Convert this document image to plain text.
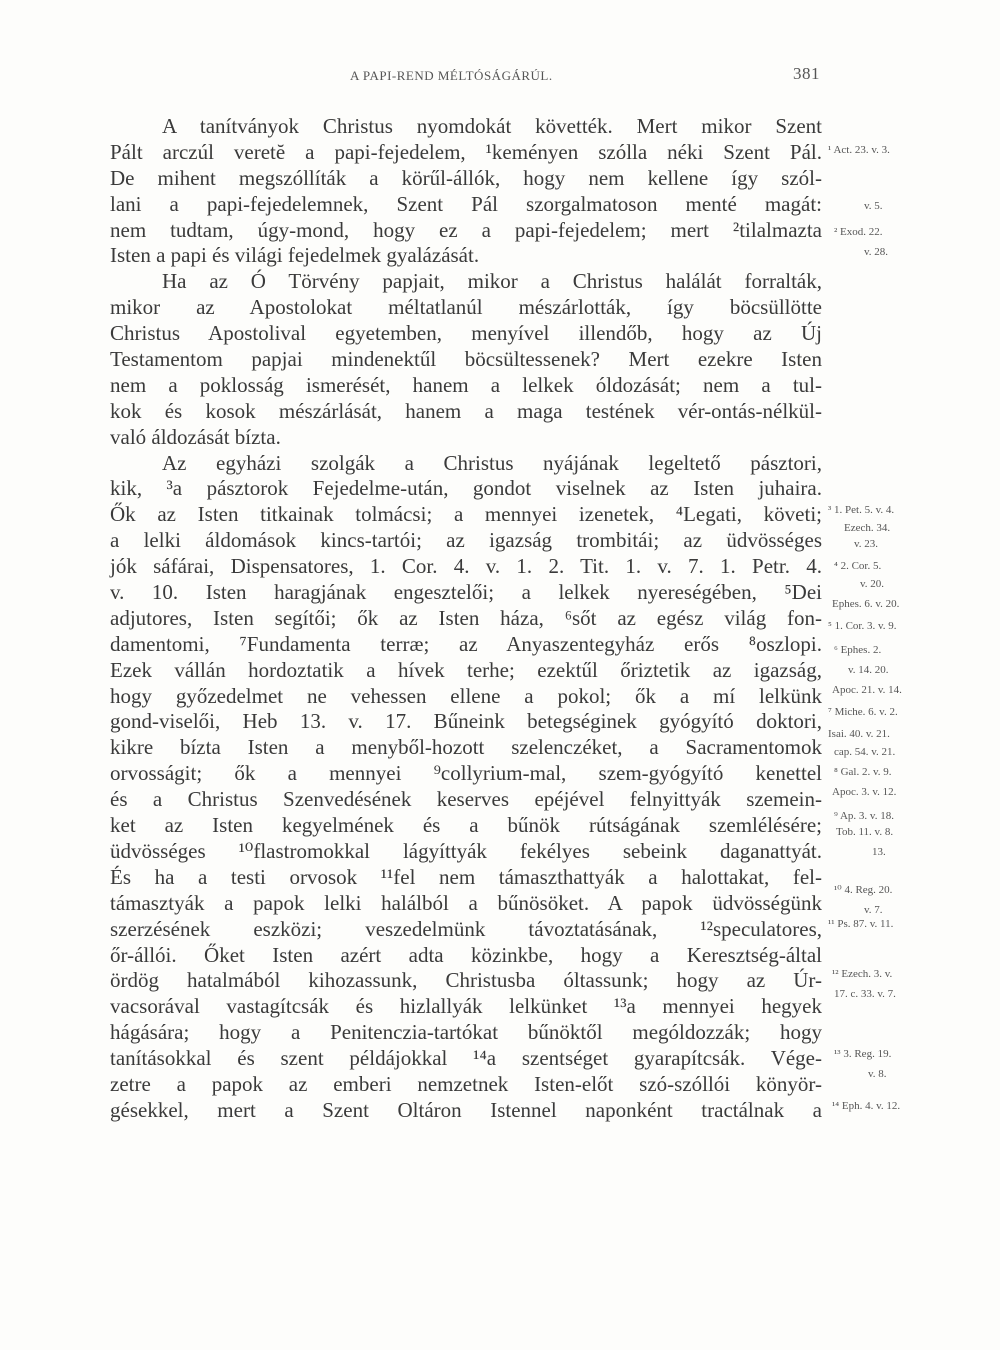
A PAPI-REND MÉLTÓSÁGÁRÚL.	381
A tanítványok Christus nyomdokát követték. Mert mikor Szent
Pált arczúl veretĕ a papi-fejedelem, ¹keményen szólla néki Szent Pál.
De mihent megszóllíták a körűl-állók, hogy nem kellene így szól-
lani a papi-fejedelemnek, Szent Pál szorgalmatoson menté magát:
nem tudtam, úgy-mond, hogy ez a papi-fejedelem; mert ²tilalmazta
Isten a papi és világi fejedelmek gyalázását.
Ha az Ó Törvény papjait, mikor a Christus halálát forralták,
mikor az Apostolokat méltatlanúl mészárlották, így böcsüllötte
Christus Apostolival egyetemben, menyível illendőb, hogy az Új
Testamentom papjai mindenektűl böcsültessenek? Mert ezekre Isten
nem a poklosság ismerését, hanem a lelkek óldozását; nem a tul-
kok és kosok mészárlását, hanem a maga testének vér-ontás-nélkül-
való áldozását bízta.
Az egyházi szolgák a Christus nyájának legeltető pásztori,
kik, ³a pásztorok Fejedelme-után, gondot viselnek az Isten juhaira.
Ők az Isten titkainak tolmácsi; a mennyei izenetek, ⁴Legati, követi;
a lelki áldomások kincs-tartói; az igazság trombitái; az üdvösséges
jók sáfárai, Dispensatores, 1. Cor. 4. v. 1. 2. Tit. 1. v. 7. 1. Petr. 4.
v. 10. Isten haragjának engesztelői; a lelkek nyereségében, ⁵Dei
adjutores, Isten segítői; ők az Isten háza, ⁶sőt az egész világ fon-
damentomi, ⁷Fundamenta terræ; az Anyaszentegyház erős ⁸oszlopi.
Ezek vállán hordoztatik a hívek terhe; ezektűl őriztetik az igazság,
hogy győzedelmet ne vehessen ellene a pokol; ők a mí lelkünk
gond-viselői, Heb 13. v. 17. Bűneink betegséginek gyógyító doktori,
kikre bízta Isten a menyből-hozott szelenczéket, a Sacramentomok
orvosságit; ők a mennyei ⁹collyrium-mal, szem-gyógyító kenettel
és a Christus Szenvedésének keserves epéjével felnyittyák szemein-
ket az Isten kegyelmének és a bűnök rútságának szemlélésére;
üdvösséges ¹⁰flastromokkal lágyíttyák fekélyes sebeink daganattyát.
És ha a testi orvosok ¹¹fel nem támaszthattyák a halottakat, fel-
támasztyák a papok lelki halálból a bűnösöket. A papok üdvösségünk
szerzésének eszközi; veszedelmünk távoztatásának, ¹²speculatores,
őr-állói. Őket Isten azért adta közinkbe, hogy a Keresztség-által
ördög hatalmából kihozassunk, Christusba óltassunk; hogy az Úr-
vacsorával vastagítcsák és hizlallyák lelkünket ¹³a mennyei hegyek
hágására; hogy a Penitenczia-tartókat bűnöktől mególdozzák; hogy
tanításokkal és szent példájokkal ¹⁴a szentséget gyarapítcsák. Vége-
zetre a papok az emberi nemzetnek Isten-előt szó-szóllói könyör-
gésekkel, mert a Szent Oltáron Istennel naponként tractálnak a
¹ Act. 23. v. 3.
v. 5.
² Exod. 22.
v. 28.
³ 1. Pet. 5. v. 4.
Ezech. 34.
v. 23.
⁴ 2. Cor. 5.
v. 20.
Ephes. 6. v. 20.
⁵ 1. Cor. 3. v. 9.
⁶ Ephes. 2.
v. 14. 20.
Apoc. 21. v. 14.
⁷ Miche. 6. v. 2.
Isai. 40. v. 21.
cap. 54. v. 21.
⁸ Gal. 2. v. 9.
Apoc. 3. v. 12.
⁹ Ap. 3. v. 18.
Tob. 11. v. 8.
13.
¹⁰ 4. Reg. 20.
v. 7.
¹¹ Ps. 87. v. 11.
¹² Ezech. 3. v.
17. c. 33. v. 7.
¹³ 3. Reg. 19.
v. 8.
¹⁴ Eph. 4. v. 12.
